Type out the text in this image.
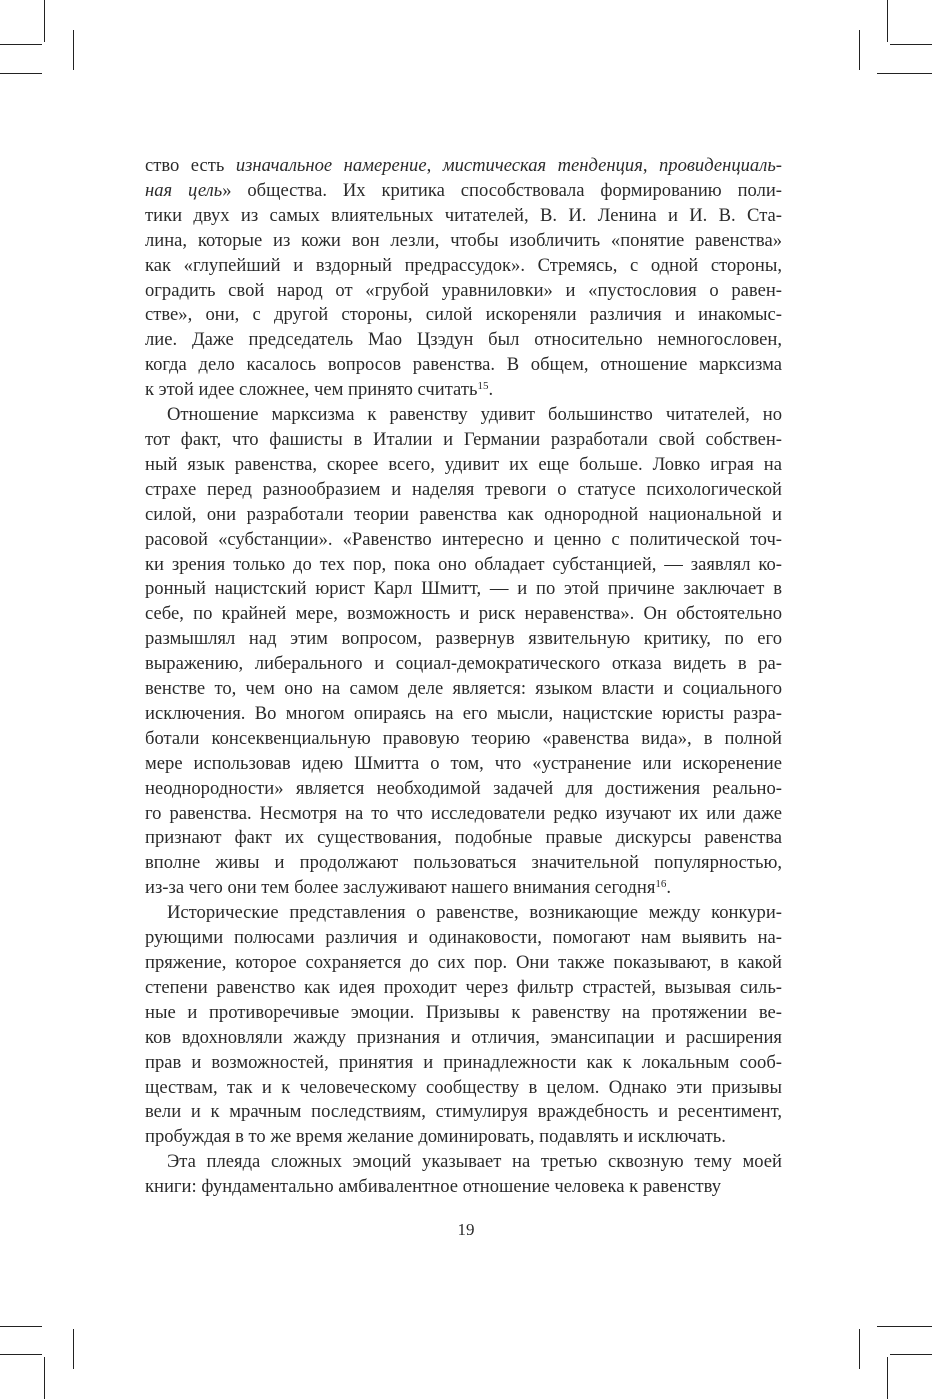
ство есть изначальное намерение, мистическая тенденция, провиденциаль-
ная цель» общества. Их критика способствовала формированию поли-
тики двух из самых влиятельных читателей, В. И. Ленина и И. В. Ста-
лина, которые из кожи вон лезли, чтобы изобличить «понятие равенства»
как «глупейший и вздорный предрассудок». Стремясь, с одной стороны,
оградить свой народ от «грубой уравниловки» и «пустословия о равен-
стве», они, с другой стороны, силой искореняли различия и инакомыс-
лие. Даже председатель Мао Цзэдун был относительно немногословен,
когда дело касалось вопросов равенства. В общем, отношение марксизма
к этой идее сложнее, чем принято считать$^{15}$.

Отношение марксизма к равенству удивит большинство читателей, но
тот факт, что фашисты в Италии и Германии разработали свой собствен-
ный язык равенства, скорее всего, удивит их еще больше. Ловко играя на
страхе перед разнообразием и наделяя тревоги о статусе психологической
силой, они разработали теории равенства как однородной национальной и
расовой «субстанции». «Равенство интересно и ценно с политической точ-
ки зрения только до тех пор, пока оно обладает субстанцией, — заявлял ко-
ронный нацистский юрист Карл Шмитт, — и по этой причине заключает в
себе, по крайней мере, возможность и риск неравенства». Он обстоятельно
размышлял над этим вопросом, развернув язвительную критику, по его
выражению, либерального и социал-демократического отказа видеть в ра-
венстве то, чем оно на самом деле является: языком власти и социального
исключения. Во многом опираясь на его мысли, нацистские юристы разра-
ботали консеквенциальную правовую теорию «равенства вида», в полной
мере использовав идею Шмитта о том, что «устранение или искоренение
неоднородности» является необходимой задачей для достижения реально-
го равенства. Несмотря на то что исследователи редко изучают их или даже
признают факт их существования, подобные правые дискурсы равенства
вполне живы и продолжают пользоваться значительной популярностью,
из-за чего они тем более заслуживают нашего внимания сегодня$^{16}$.

Исторические представления о равенстве, возникающие между конкури-
рующими полюсами различия и одинаковости, помогают нам выявить на-
пряжение, которое сохраняется до сих пор. Они также показывают, в какой
степени равенство как идея проходит через фильтр страстей, вызывая силь-
ные и противоречивые эмоции. Призывы к равенству на протяжении ве-
ков вдохновляли жажду признания и отличия, эмансипации и расширения
прав и возможностей, принятия и принадлежности как к локальным сооб-
ществам, так и к человеческому сообществу в целом. Однако эти призывы
вели и к мрачным последствиям, стимулируя враждебность и ресентимент,
пробуждая в то же время желание доминировать, подавлять и исключать.

Эта плеяда сложных эмоций указывает на третью сквозную тему моей
книги: фундаментально амбивалентное отношение человека к равенству

19
